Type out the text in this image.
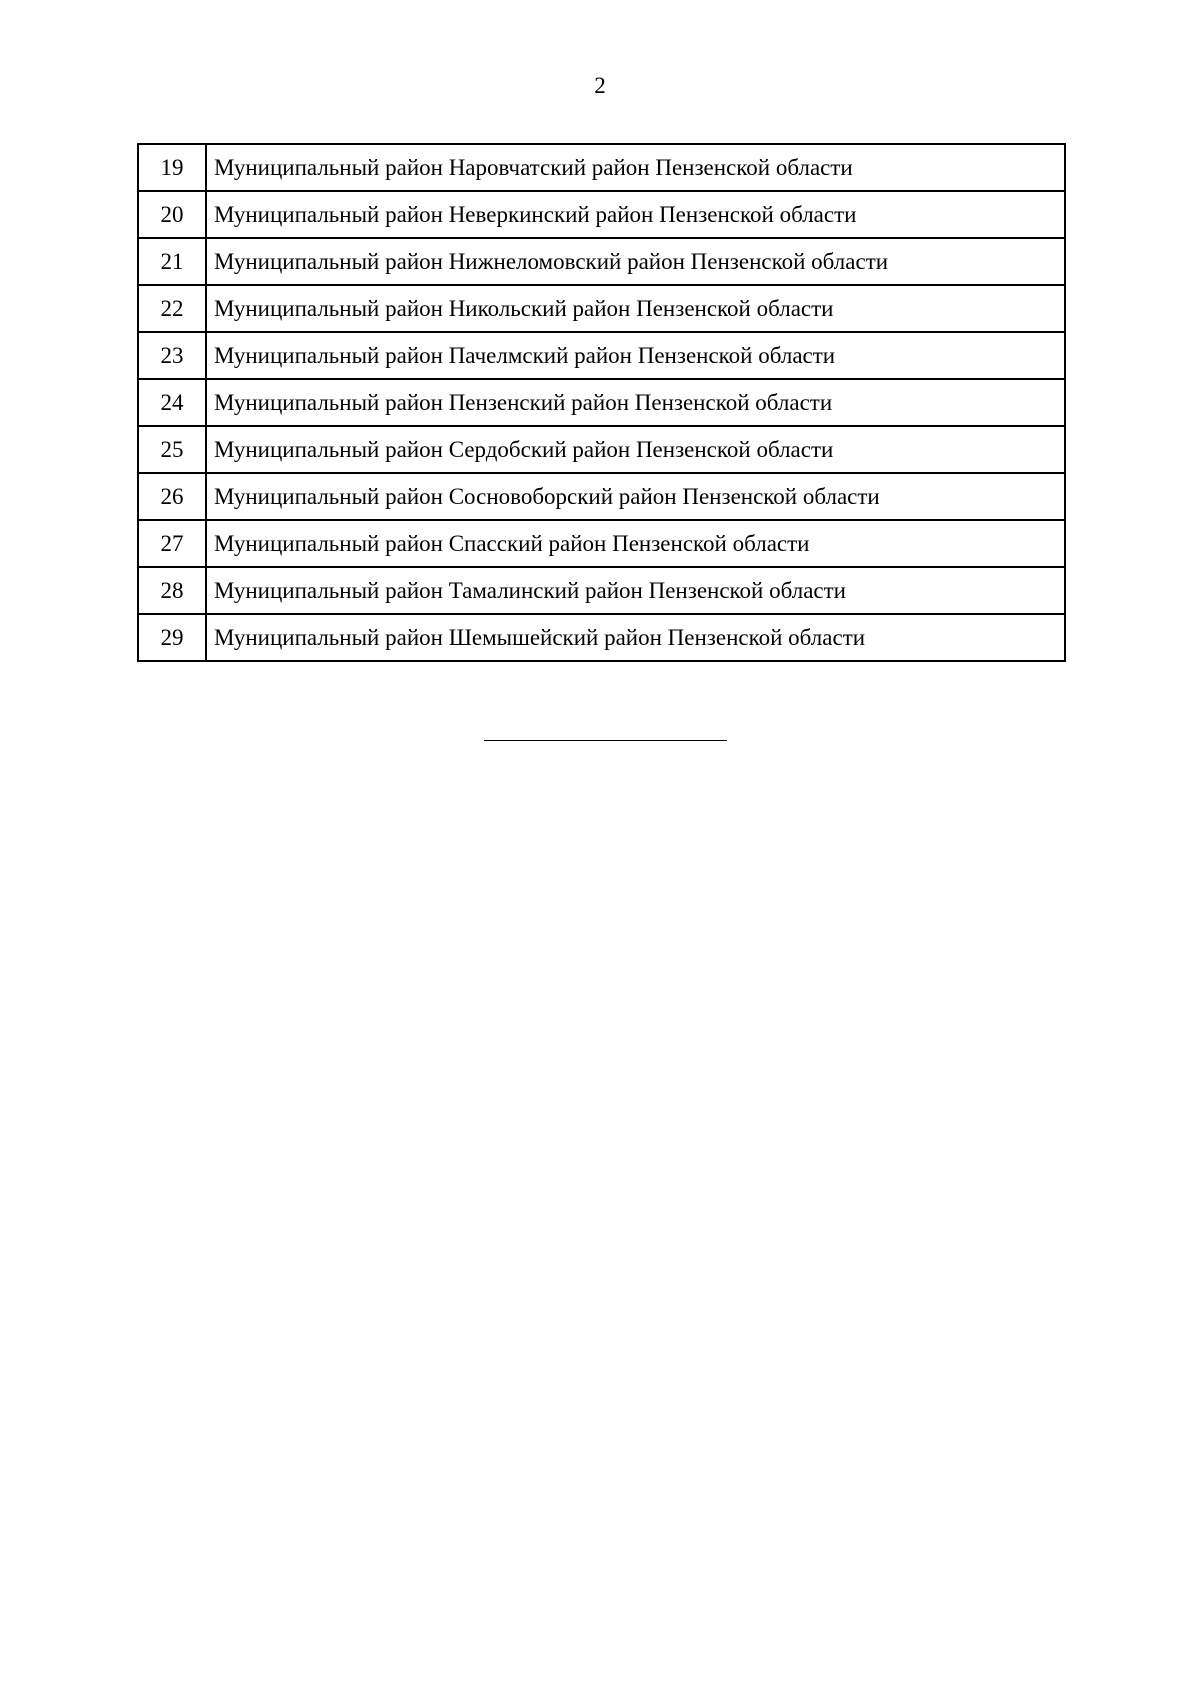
2
19	Муниципальный район Наровчатский район Пензенской области
20	Муниципальный район Неверкинский район Пензенской области
21	Муниципальный район Нижнеломовский район Пензенской области
22	Муниципальный район Никольский район Пензенской области
23	Муниципальный район Пачелмский район Пензенской области
24	Муниципальный район Пензенский район Пензенской области
25	Муниципальный район Сердобский район Пензенской области
26	Муниципальный район Сосновоборский район Пензенской области
27	Муниципальный район Спасский район Пензенской области
28	Муниципальный район Тамалинский район Пензенской области
29	Муниципальный район Шемышейский район Пензенской области
